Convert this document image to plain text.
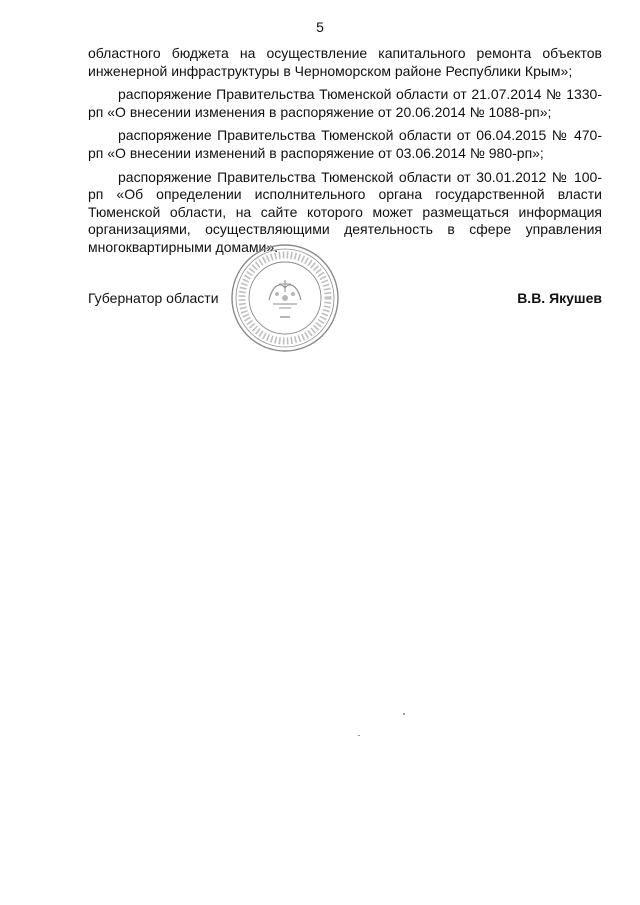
5

областного бюджета на осуществление капитального ремонта объектов инженерной инфраструктуры в Черноморском районе Республики Крым»;

распоряжение Правительства Тюменской области от 21.07.2014 № 1330-рп «О внесении изменения в распоряжение от 20.06.2014 № 1088-рп»;

распоряжение Правительства Тюменской области от 06.04.2015 № 470-рп «О внесении изменений в распоряжение от 03.06.2014 № 980-рп»;

распоряжение Правительства Тюменской области от 30.01.2012 № 100-рп «Об определении исполнительного органа государственной власти Тюменской области, на сайте которого может размещаться информация организациями, осуществляющими деятельность в сфере управления многоквартирными домами».

Губернатор области	В.В. Якушев
